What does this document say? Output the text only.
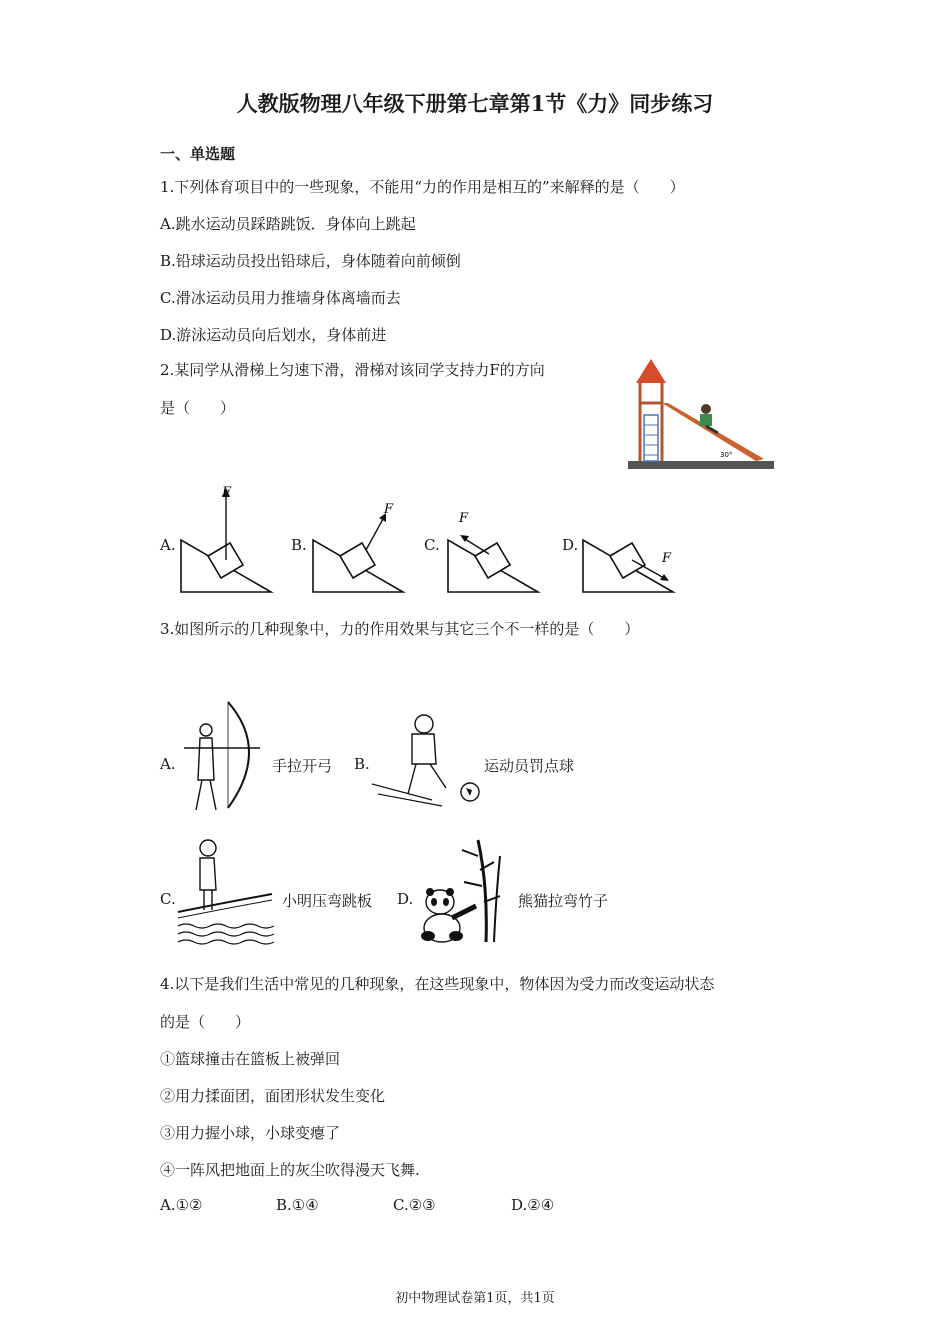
人教版物理八年级下册第七章第1节《力》同步练习
一、单选题
1.下列体育项目中的一些现象，不能用“力的作用是相互的”来解释的是（　　）
A.跳水运动员踩踏跳饭．身体向上跳起
B.铅球运动员投出铅球后，身体随着向前倾倒
C.滑冰运动员用力推墙身体离墙而去
D.游泳运动员向后划水，身体前进
2.某同学从滑梯上匀速下滑，滑梯对该同学支持力F的方向
是（　　）
30°
A.
F
B.
F
C.
F
D.
F
3.如图所示的几种现象中，力的作用效果与其它三个不一样的是（　　）
A.	手拉开弓 B.	运动员罚点球
C.	小明压弯跳板 D.	熊猫拉弯竹子
4.以下是我们生活中常见的几种现象，在这些现象中，物体因为受力而改变运动状态
的是（　　）
①篮球撞击在篮板上被弹回
②用力揉面团，面团形状发生变化
③用力握小球，小球变瘪了
④一阵风把地面上的灰尘吹得漫天飞舞.
A.①②	B.①④	C.②③	D.②④
初中物理试卷第1页，共1页
